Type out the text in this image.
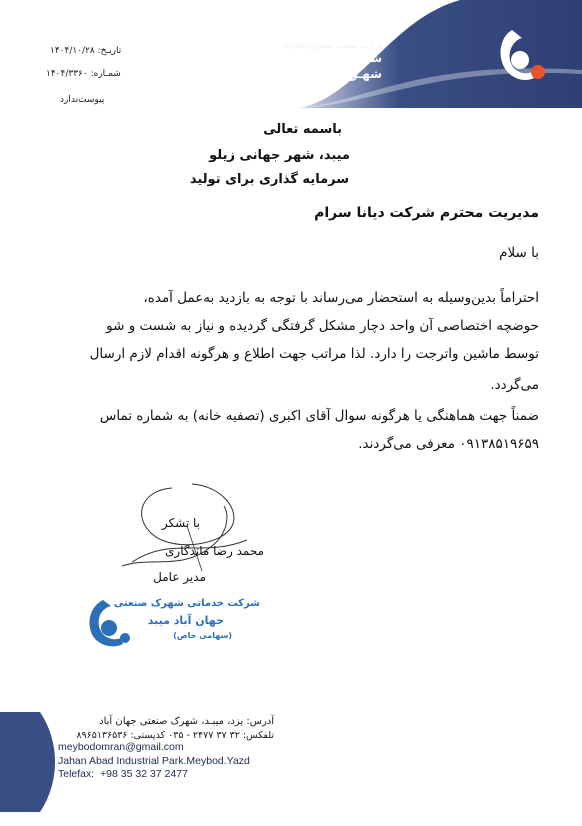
وزارت صنعت، معدن و تجارت
شرکت شهرک های صنعتی یزد
شهـرک صنعـتی جهـان آباد میبـد
تاریـخ: ۱۴۰۴/۱۰/۲۸
شمـاره: ۱۴۰۴/۳۳۶۰
پیوست‌ندارد
باسمه تعالی
میبد، شهر جهانی زیلو
سرمایه گذاری برای تولید
مدیریت محترم شرکت دیانا سرام
با سلام
احتراماً بدین‌وسیله به استحضار می‌رساند با توجه به بازدید به‌عمل آمده،
حوضچه اختصاصی آن واحد دچار مشکل گرفتگی گردیده و نیاز به شست و شو
توسط ماشین واترجت را دارد. لذا مراتب جهت اطلاع و هرگونه اقدام لازم ارسال
می‌گردد.
ضمناً جهت هماهنگی یا هرگونه سوال آقای اکبری (تصفیه خانه) به شماره تماس
۰۹۱۳۸۵۱۹۶۵۹ معرفی می‌گردند.
با تشکر
محمد رضا ماندگاری
مدیر عامل
شرکت خدماتی شهرک صنعتی
جهان آباد میبد
(سهامی خاص)
آدرس: یزد، میبـد، شهرک صنعتی جهان آباد
تلفکس: ۳۲ ۳۷ ۲۴۷۷ - ۰۳۵ کدپستی: ۸۹۶۵۱۳۶۵۳۶
meybodomran@gmail.com
Jahan Abad Industrial Park.Meybod.Yazd
Telefax: +98 35 32 37 2477
